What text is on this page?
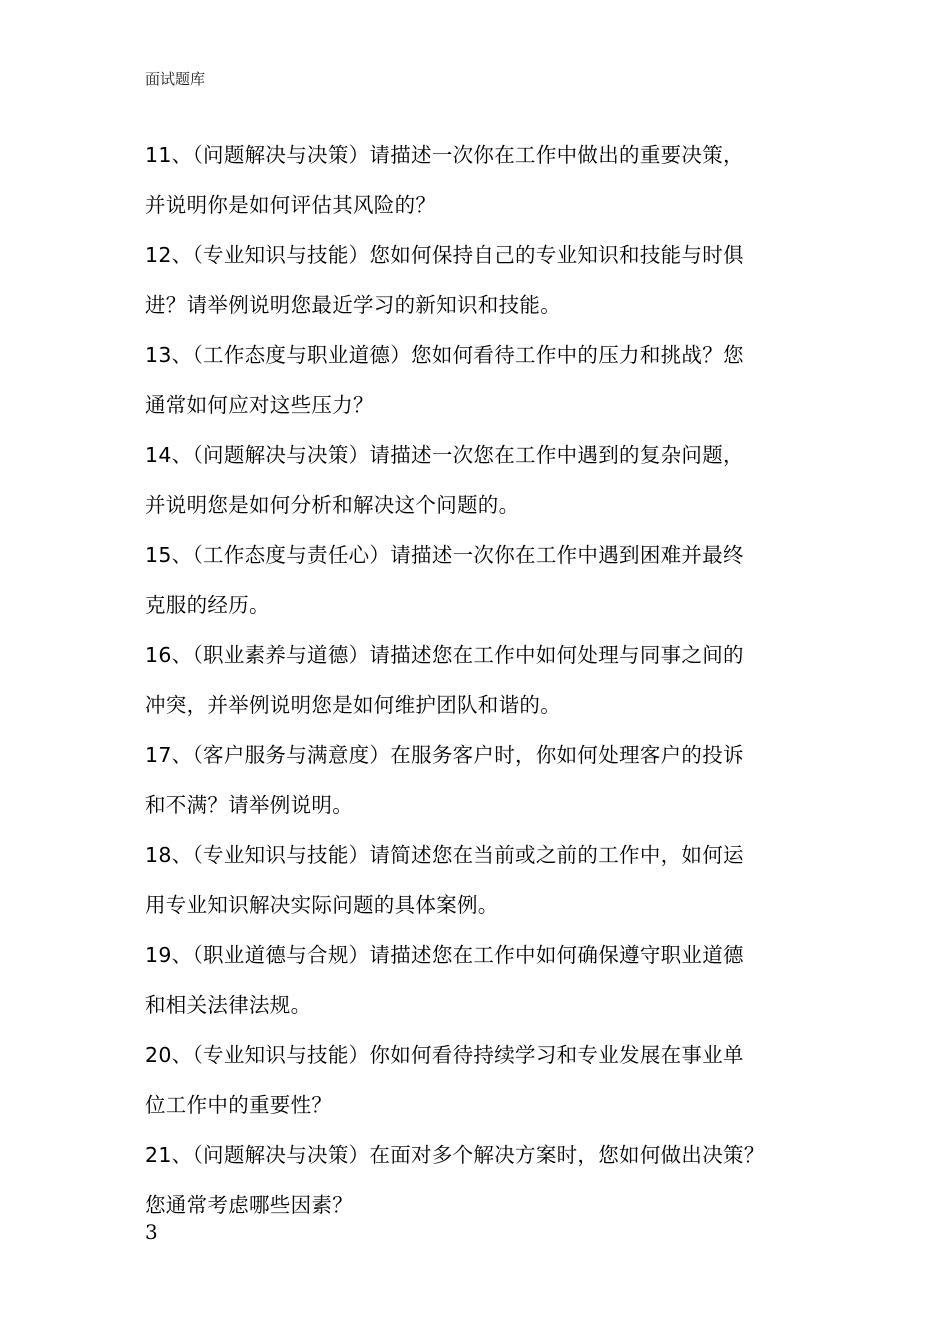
面试题库
11、（问题解决与决策）请描述一次你在工作中做出的重要决策，
并说明你是如何评估其风险的？
12、（专业知识与技能）您如何保持自己的专业知识和技能与时俱
进？请举例说明您最近学习的新知识和技能。
13、（工作态度与职业道德）您如何看待工作中的压力和挑战？您
通常如何应对这些压力？
14、（问题解决与决策）请描述一次您在工作中遇到的复杂问题，
并说明您是如何分析和解决这个问题的。
15、（工作态度与责任心）请描述一次你在工作中遇到困难并最终
克服的经历。
16、（职业素养与道德）请描述您在工作中如何处理与同事之间的
冲突，并举例说明您是如何维护团队和谐的。
17、（客户服务与满意度）在服务客户时，你如何处理客户的投诉
和不满？请举例说明。
18、（专业知识与技能）请简述您在当前或之前的工作中，如何运
用专业知识解决实际问题的具体案例。
19、（职业道德与合规）请描述您在工作中如何确保遵守职业道德
和相关法律法规。
20、（专业知识与技能）你如何看待持续学习和专业发展在事业单
位工作中的重要性？
21、（问题解决与决策）在面对多个解决方案时，您如何做出决策？
您通常考虑哪些因素？
3
